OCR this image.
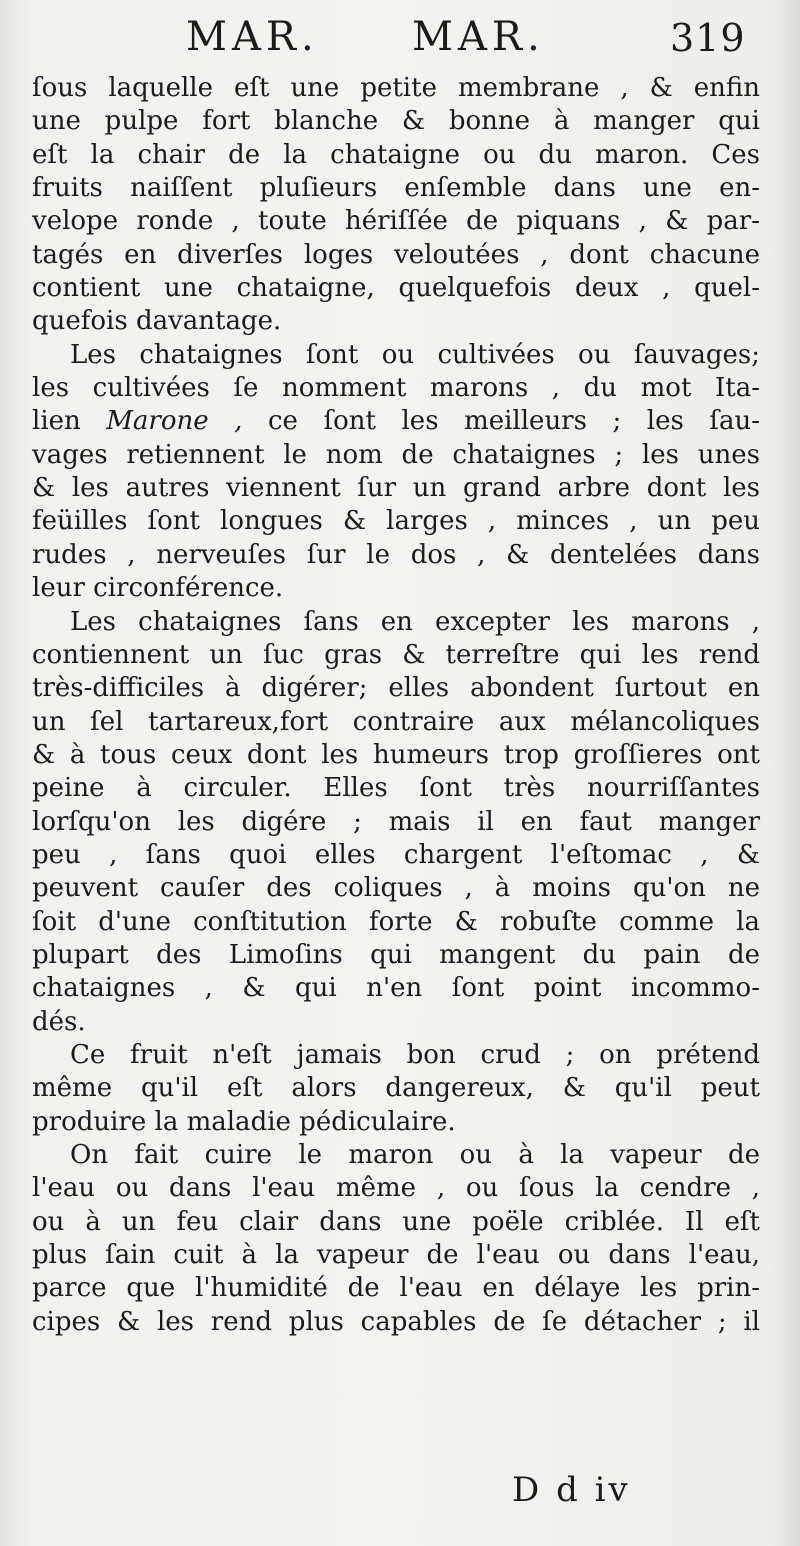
MAR. MAR.	319
ſous laquelle eſt une petite membrane , & enfin
une pulpe fort blanche & bonne à manger qui
eſt la chair de la chataigne ou du maron. Ces
fruits naiſſent pluſieurs enſemble dans une en-
velope ronde , toute hériſſée de piquans , & par-
tagés en diverſes loges veloutées , dont chacune
contient une chataigne, quelquefois deux , quel-
quefois davantage.
Les chataignes ſont ou cultivées ou ſauvages;
les cultivées ſe nomment marons , du mot Ita-
lien Marone , ce ſont les meilleurs ; les ſau-
vages retiennent le nom de chataignes ; les unes
& les autres viennent ſur un grand arbre dont les
feüilles ſont longues & larges , minces , un peu
rudes , nerveuſes ſur le dos , & dentelées dans
leur circonférence.
Les chataignes ſans en excepter les marons ,
contiennent un ſuc gras & terreſtre qui les rend
très-difficiles à digérer; elles abondent ſurtout en
un ſel tartareux,fort contraire aux mélancoliques
& à tous ceux dont les humeurs trop groſſieres ont
peine à circuler. Elles ſont très nourriſſantes
lorſqu'on les digére ; mais il en faut manger
peu , ſans quoi elles chargent l'eſtomac , &
peuvent cauſer des coliques , à moins qu'on ne
ſoit d'une conſtitution forte & robuſte comme la
plupart des Limoſins qui mangent du pain de
chataignes , & qui n'en ſont point incommo-
dés.
Ce fruit n'eſt jamais bon crud ; on prétend
même qu'il eſt alors dangereux, & qu'il peut
produire la maladie pédiculaire.
On fait cuire le maron ou à la vapeur de
l'eau ou dans l'eau même , ou ſous la cendre ,
ou à un feu clair dans une poële criblée. Il eſt
plus ſain cuit à la vapeur de l'eau ou dans l'eau,
parce que l'humidité de l'eau en délaye les prin-
cipes & les rend plus capables de ſe détacher ; il
D d iv
